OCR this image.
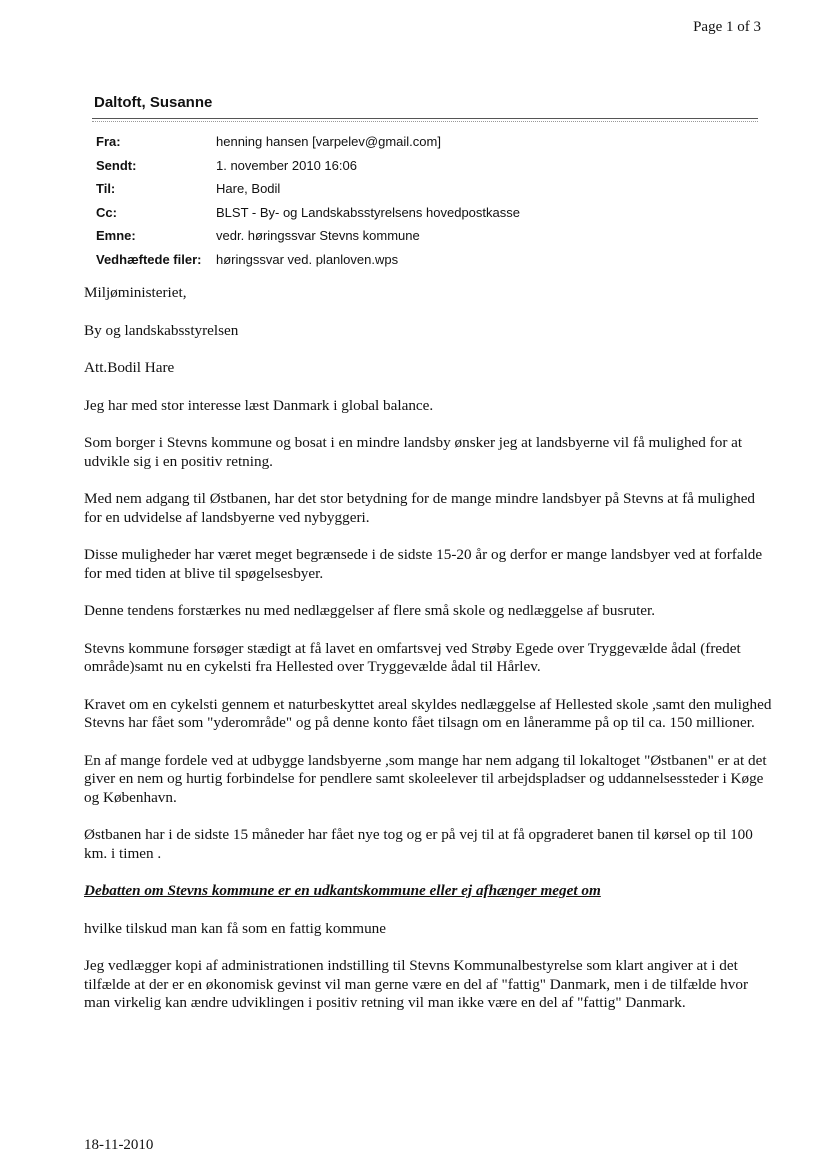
Page 1 of 3
Daltoft, Susanne
Fra:	henning hansen [varpelev@gmail.com]
Sendt:	1. november 2010 16:06
Til:	Hare, Bodil
Cc:	BLST - By- og Landskabsstyrelsens hovedpostkasse
Emne:	vedr. høringssvar Stevns kommune
Vedhæftede filer:	høringssvar ved. planloven.wps

Miljøministeriet,

By og landskabsstyrelsen

Att.Bodil Hare

Jeg har med stor interesse læst Danmark i global balance.

Som borger i Stevns kommune og bosat i en mindre landsby ønsker jeg at landsbyerne vil få mulighed for at udvikle sig i en positiv retning.

Med nem adgang til Østbanen, har det stor betydning for de mange mindre landsbyer på Stevns at få mulighed for en udvidelse af landsbyerne ved nybyggeri.

Disse muligheder har været meget begrænsede i de sidste 15-20 år og derfor er mange landsbyer ved at forfalde for med tiden at blive til spøgelsesbyer.

Denne tendens forstærkes nu med nedlæggelser af flere små skole og nedlæggelse af busruter.

Stevns kommune forsøger stædigt at få lavet en omfartsvej ved Strøby Egede over Tryggevælde ådal (fredet område)samt nu en cykelsti fra Hellested over Tryggevælde ådal til Hårlev.

Kravet om en cykelsti gennem et naturbeskyttet areal skyldes nedlæggelse af Hellested skole ,samt den mulighed Stevns har fået som "yderområde" og på denne konto fået tilsagn om en låneramme på op til ca. 150 millioner.

En af mange fordele ved at udbygge landsbyerne ,som mange har nem adgang til lokaltoget "Østbanen" er at det giver en nem og hurtig forbindelse for pendlere samt skoleelever til arbejdspladser og uddannelsessteder i Køge og København.

Østbanen har i de sidste 15 måneder har fået nye tog og er på vej til at få opgraderet banen til kørsel op til 100 km. i timen .

Debatten om Stevns kommune er en udkantskommune eller ej afhænger meget om

hvilke tilskud man kan få som en fattig kommune

Jeg vedlægger kopi af administrationen indstilling til Stevns Kommunalbestyrelse som klart angiver at i det tilfælde at der er en økonomisk gevinst vil man gerne være en del af "fattig" Danmark, men i de tilfælde hvor man virkelig kan ændre udviklingen i positiv retning vil man ikke være en del af "fattig" Danmark.

18-11-2010
